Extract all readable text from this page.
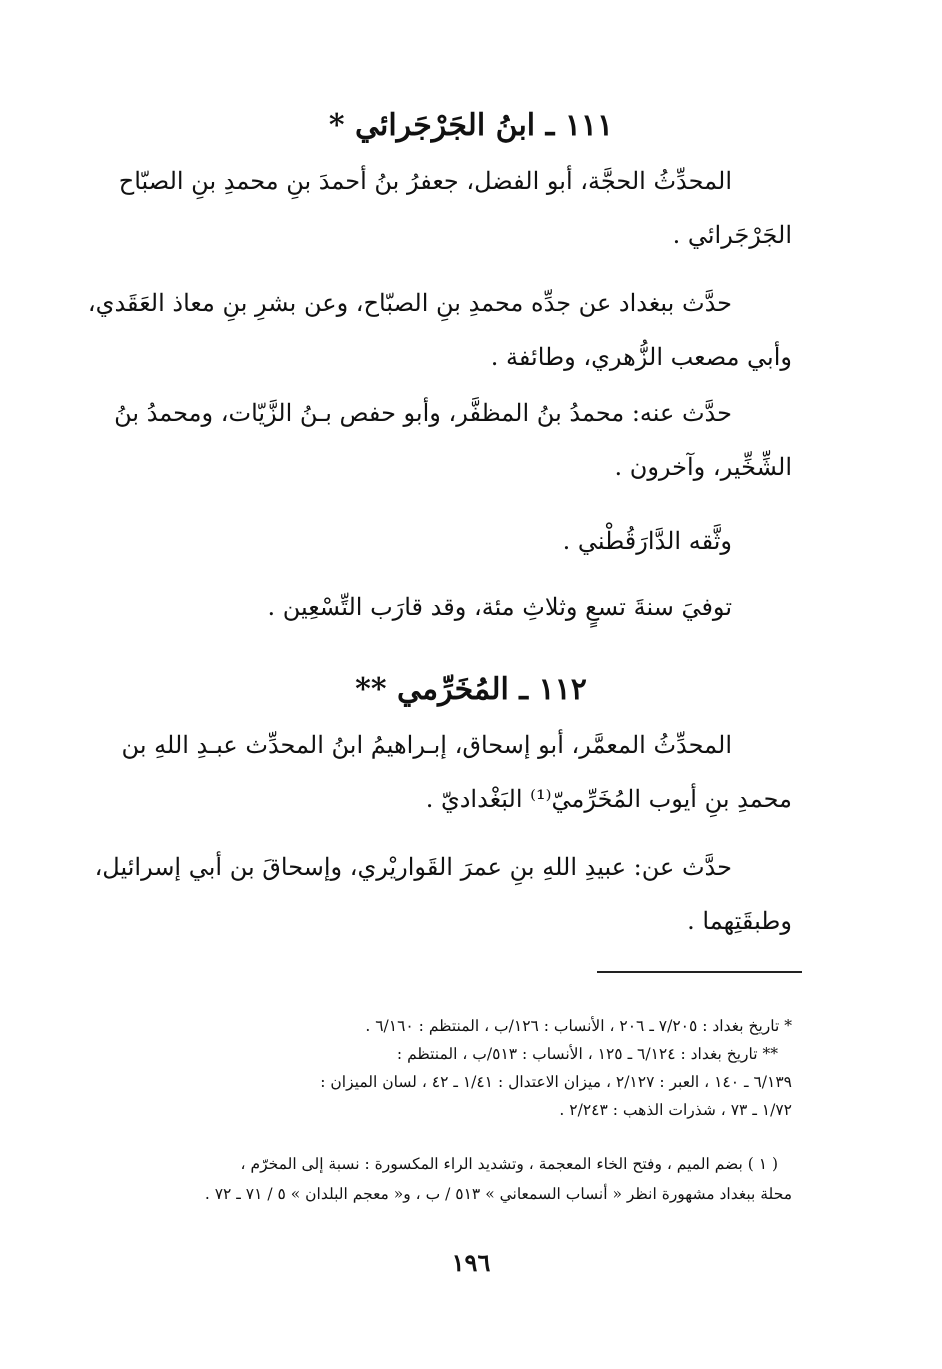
١١١ ـ ابنُ الجَرْجَرائي *
المحدِّثُ الحجَّة، أبو الفضل، جعفرُ بنُ أحمدَ بنِ محمدِ بنِ الصبّاح
الجَرْجَرائي .
حدَّث ببغداد عن جدِّه محمدِ بنِ الصبّاح، وعن بشرِ بنِ معاذ العَقَدي،
وأبي مصعب الزُّهري، وطائفة .
حدَّث عنه: محمدُ بنُ المظفَّر، وأبو حفص بـنُ الزَّيّات، ومحمدُ بنُ
الشِّخِّير، وآخرون .
وثَّقه الدَّارَقُطْني .
توفيَ سنةَ تسعٍ وثلاثِ مئة، وقد قارَب التِّسْعِين .
١١٢ ـ المُخَرِّمي **
المحدِّثُ المعمَّر، أبو إسحاق، إبـراهيمُ ابنُ المحدِّث عبـدِ اللهِ بن
محمدِ بنِ أيوب المُخَرِّميّ⁽¹⁾ البَغْداديّ .
حدَّث عن: عبيدِ اللهِ بنِ عمرَ القَواريْري، وإسحاقَ بن أبي إسرائيل،
وطبقَتِهما .
* تاريخ بغداد : ٧/٢٠٥ ـ ٢٠٦ ، الأنساب : ١٢٦/ب ، المنتظم : ٦/١٦٠ .
** تاريخ بغداد : ٦/١٢٤ ـ ١٢٥ ، الأنساب : ٥١٣/ب ، المنتظم :
٦/١٣٩ ـ ١٤٠ ، العبر : ٢/١٢٧ ، ميزان الاعتدال : ١/٤١ ـ ٤٢ ، لسان الميزان :
١/٧٢ ـ ٧٣ ، شذرات الذهب : ٢/٢٤٣ .
( ١ ) بضم الميم ، وفتح الخاء المعجمة ، وتشديد الراء المكسورة : نسبة إلى المخرّم ،
محلة ببغداد مشهورة انظر « أنساب السمعاني » ٥١٣ / ب ، و« معجم البلدان » ٥ / ٧١ ـ ٧٢ .
١٩٦
